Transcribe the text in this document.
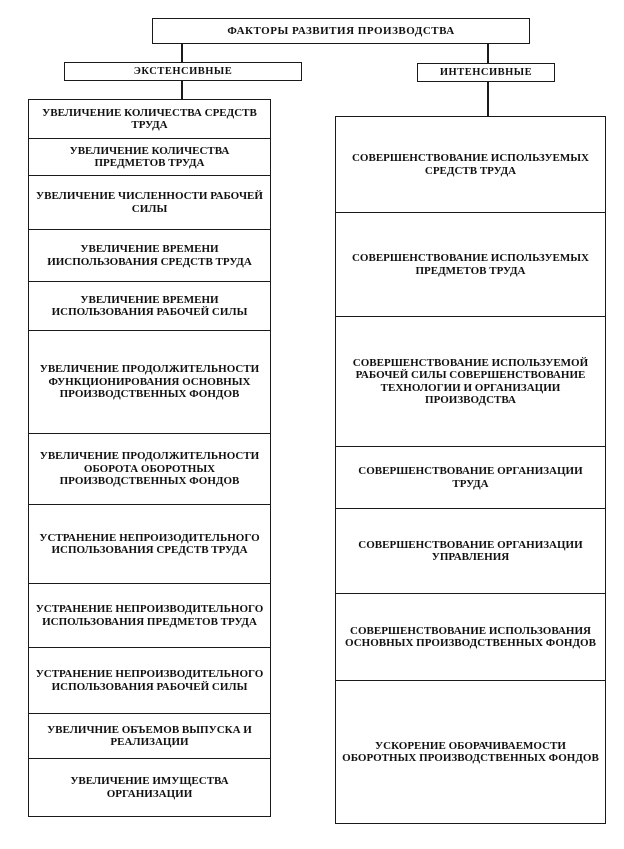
ФАКТОРЫ РАЗВИТИЯ ПРОИЗВОДСТВА
ЭКСТЕНСИВНЫЕ	ИНТЕНСИВНЫЕ
УВЕЛИЧЕНИЕ КОЛИЧЕСТВА СРЕДСТВ ТРУДА
УВЕЛИЧЕНИЕ КОЛИЧЕСТВА ПРЕДМЕТОВ ТРУДА
УВЕЛИЧЕНИЕ ЧИСЛЕННОСТИ РАБОЧЕЙ СИЛЫ
УВЕЛИЧЕНИЕ ВРЕМЕНИ ИИСПОЛЬЗОВАНИЯ СРЕДСТВ ТРУДА
УВЕЛИЧЕНИЕ ВРЕМЕНИ ИСПОЛЬЗОВАНИЯ РАБОЧЕЙ СИЛЫ
УВЕЛИЧЕНИЕ ПРОДОЛЖИТЕЛЬНОСТИ ФУНКЦИОНИРОВАНИЯ ОСНОВНЫХ ПРОИЗВОДСТВЕННЫХ ФОНДОВ
УВЕЛИЧЕНИЕ ПРОДОЛЖИТЕЛЬНОСТИ ОБОРОТА ОБОРОТНЫХ ПРОИЗВОДСТВЕННЫХ ФОНДОВ
УСТРАНЕНИЕ НЕПРОИЗОДИТЕЛЬНОГО ИСПОЛЬЗОВАНИЯ СРЕДСТВ ТРУДА
УСТРАНЕНИЕ НЕПРОИЗВОДИТЕЛЬНОГО ИСПОЛЬЗОВАНИЯ ПРЕДМЕТОВ ТРУДА
УСТРАНЕНИЕ НЕПРОИЗВОДИТЕЛЬНОГО ИСПОЛЬЗОВАНИЯ РАБОЧЕЙ СИЛЫ
УВЕЛИЧНИЕ ОБЪЕМОВ ВЫПУСКА И РЕАЛИЗАЦИИ
УВЕЛИЧЕНИЕ ИМУЩЕСТВА ОРГАНИЗАЦИИ
СОВЕРШЕНСТВОВАНИЕ ИСПОЛЬЗУЕМЫХ СРЕДСТВ ТРУДА
СОВЕРШЕНСТВОВАНИЕ ИСПОЛЬЗУЕМЫХ ПРЕДМЕТОВ ТРУДА
СОВЕРШЕНСТВОВАНИЕ ИСПОЛЬЗУЕМОЙ РАБОЧЕЙ СИЛЫ СОВЕРШЕНСТВОВАНИЕ ТЕХНОЛОГИИ И ОРГАНИЗАЦИИ ПРОИЗВОДСТВА
СОВЕРШЕНСТВОВАНИЕ ОРГАНИЗАЦИИ ТРУДА
СОВЕРШЕНСТВОВАНИЕ ОРГАНИЗАЦИИ УПРАВЛЕНИЯ
СОВЕРШЕНСТВОВАНИЕ ИСПОЛЬЗОВАНИЯ ОСНОВНЫХ ПРОИЗВОДСТВЕННЫХ ФОНДОВ
УСКОРЕНИЕ ОБОРАЧИВАЕМОСТИ ОБОРОТНЫХ ПРОИЗВОДСТВЕННЫХ ФОНДОВ
